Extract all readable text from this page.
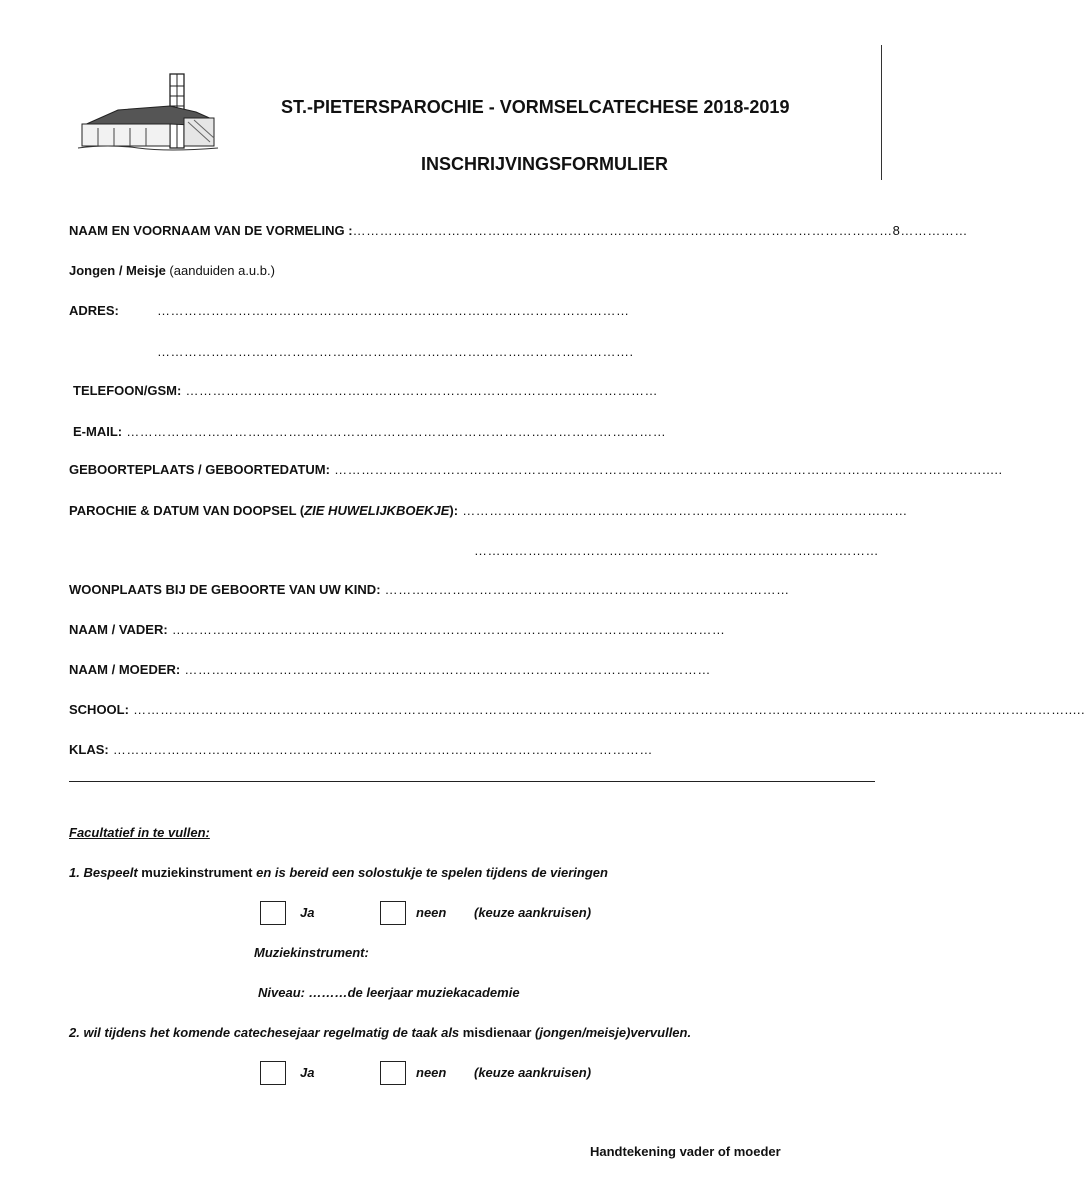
ST.-PIETERSPAROCHIE - VORMSELCATECHESE 2018-2019
INSCHRIJVINGSFORMULIER
NAAM EN VOORNAAM VAN DE VORMELING :…………………………………………………………………………………………………………8……………
Jongen / Meisje (aanduiden a.u.b.)
ADRES:	……………………………………………………………………………………………
…………………………………………………………………………………………….
TELEFOON/GSM: ……………………………………………………………………………………………
E-MAIL: …………………………………………………………………………………………………………
GEBOORTEPLAATS / GEBOORTEDATUM: ……………………………………………………………………………………………………………………………….....
PAROCHIE & DATUM VAN DOOPSEL (ZIE HUWELIJKBOEKJE): ………………………………………………………………………………………
………………………………………………………………………………
WOONPLAATS BIJ DE GEBOORTE VAN UW KIND: ………………………………………………………………………………
NAAM / VADER: ……………………………………………………………………………………………………………
NAAM / MOEDER: ………………………………………………………………………………………………………
SCHOOL: ……………………………………………………………………………………………………………………………………………………………………………………….....
KLAS: …………………………………………………………………………………………………………
Facultatief in te vullen:
1. Bespeelt muziekinstrument en is bereid een solostukje te spelen tijdens de vieringen
Ja	neen (keuze aankruisen)
Muziekinstrument:
Niveau: ………de leerjaar muziekacademie
2. wil tijdens het komende catechesejaar regelmatig de taak als misdienaar (jongen/meisje)vervullen.
Ja	neen (keuze aankruisen)
Handtekening vader of moeder
